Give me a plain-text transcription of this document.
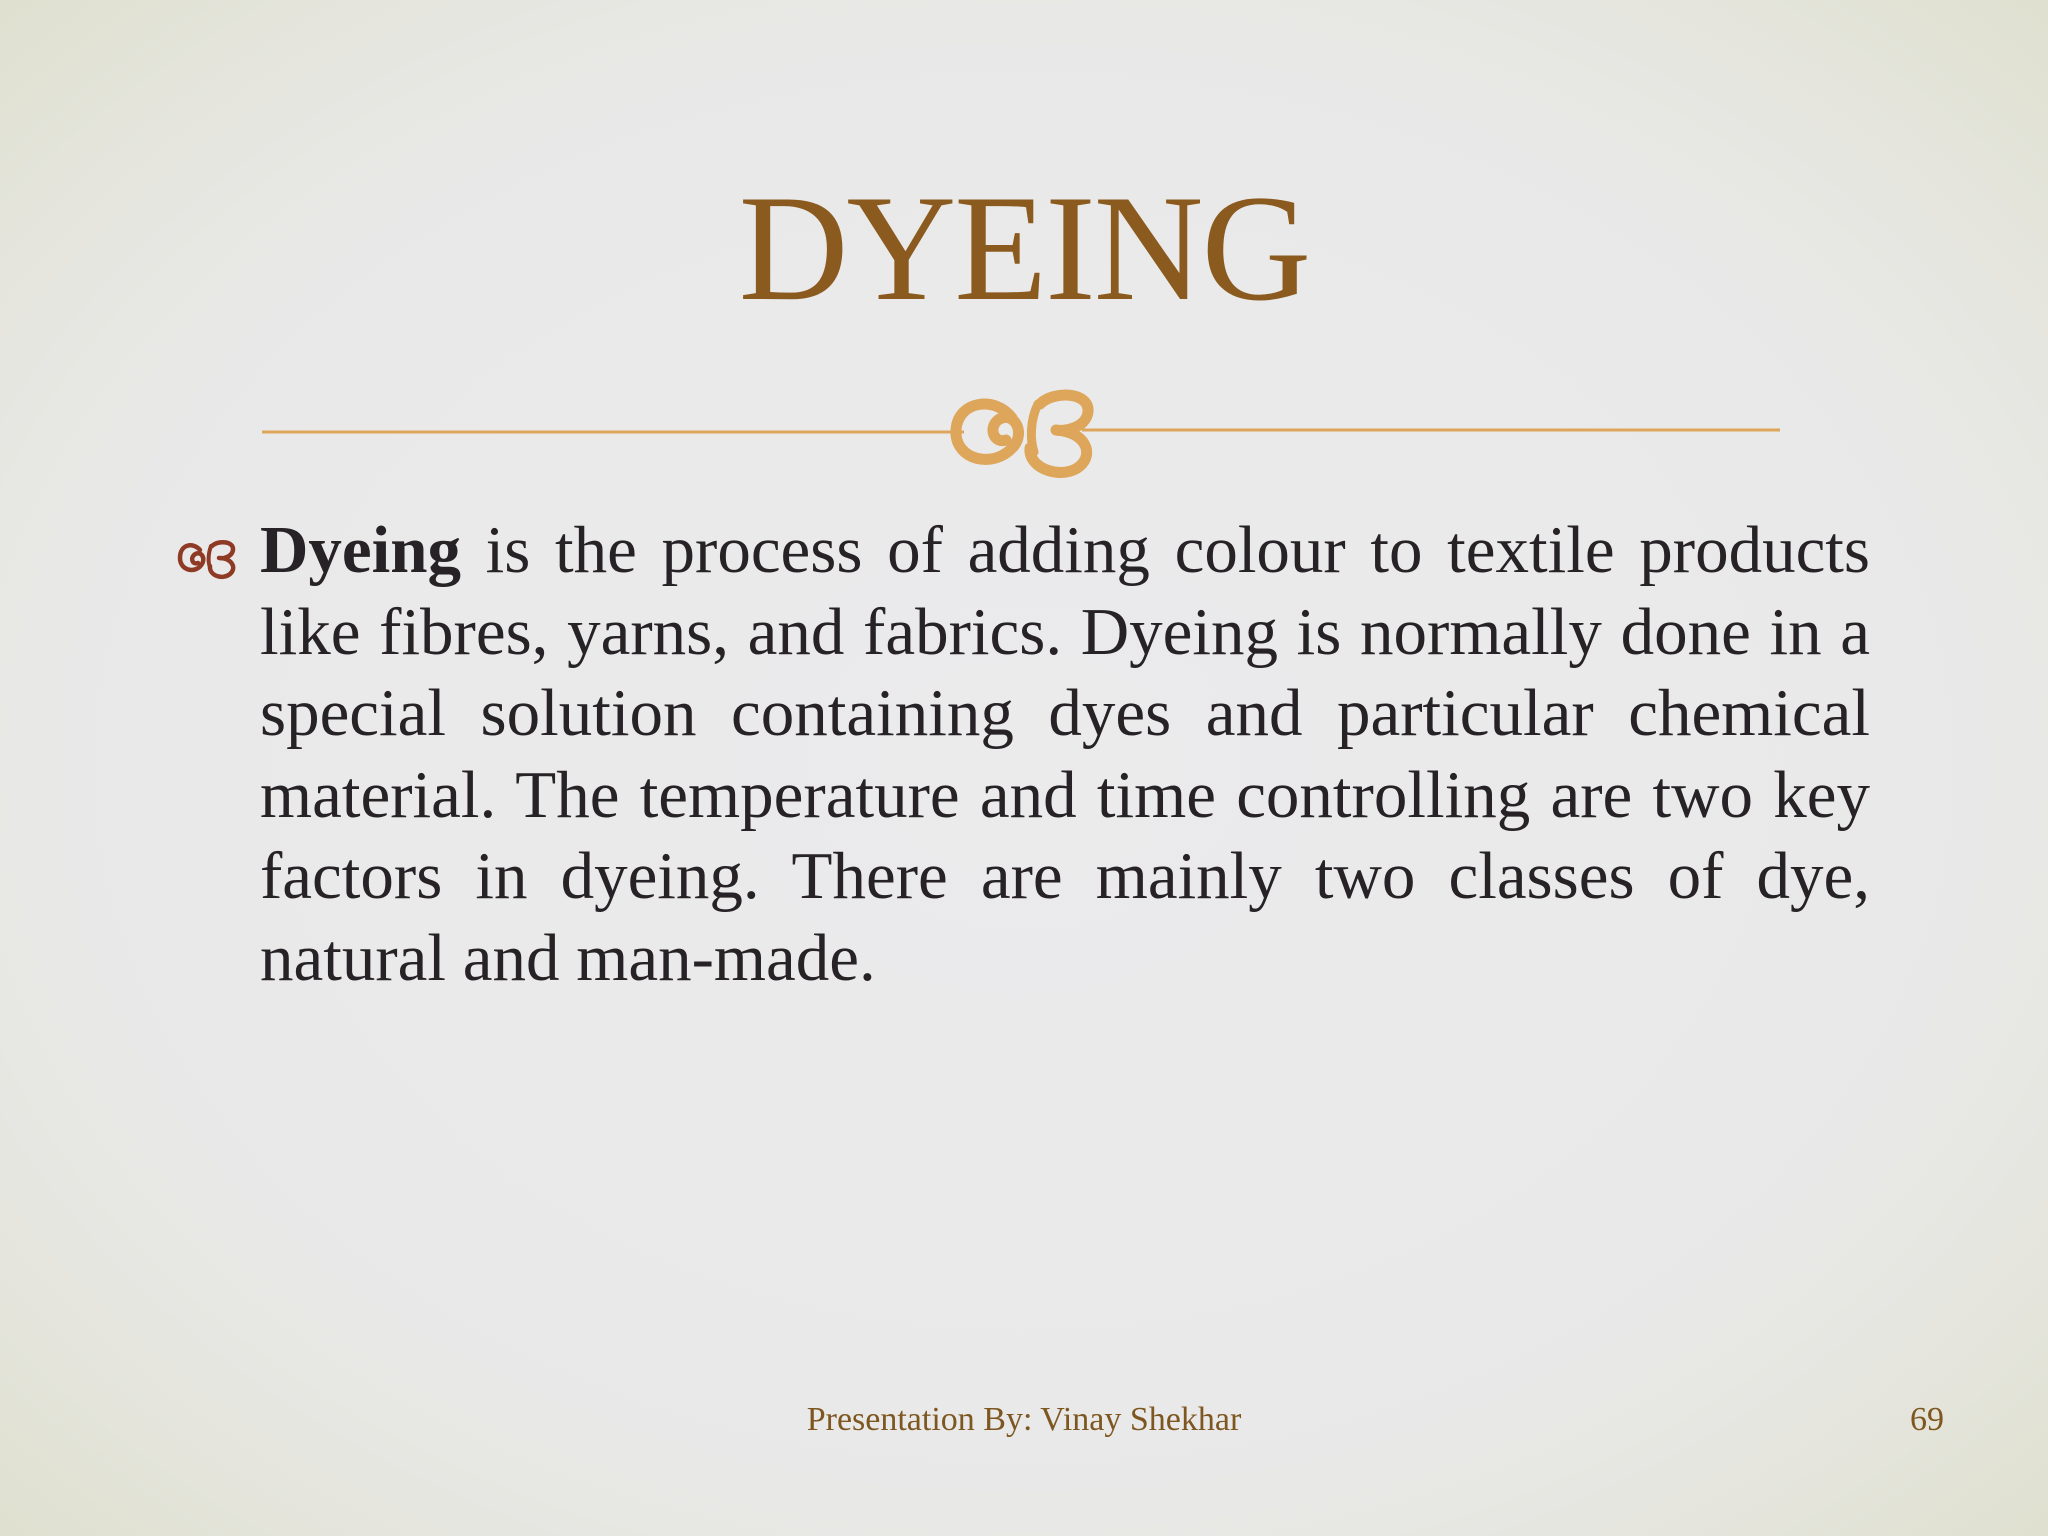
DYEING
Dyeing is the process of adding colour to textile products like fibres, yarns, and fabrics. Dyeing is normally done in a special solution containing dyes and particular chemical material. The temperature and time controlling are two key factors in dyeing. There are mainly two classes of dye, natural and man-made.
Presentation By: Vinay Shekhar	69
